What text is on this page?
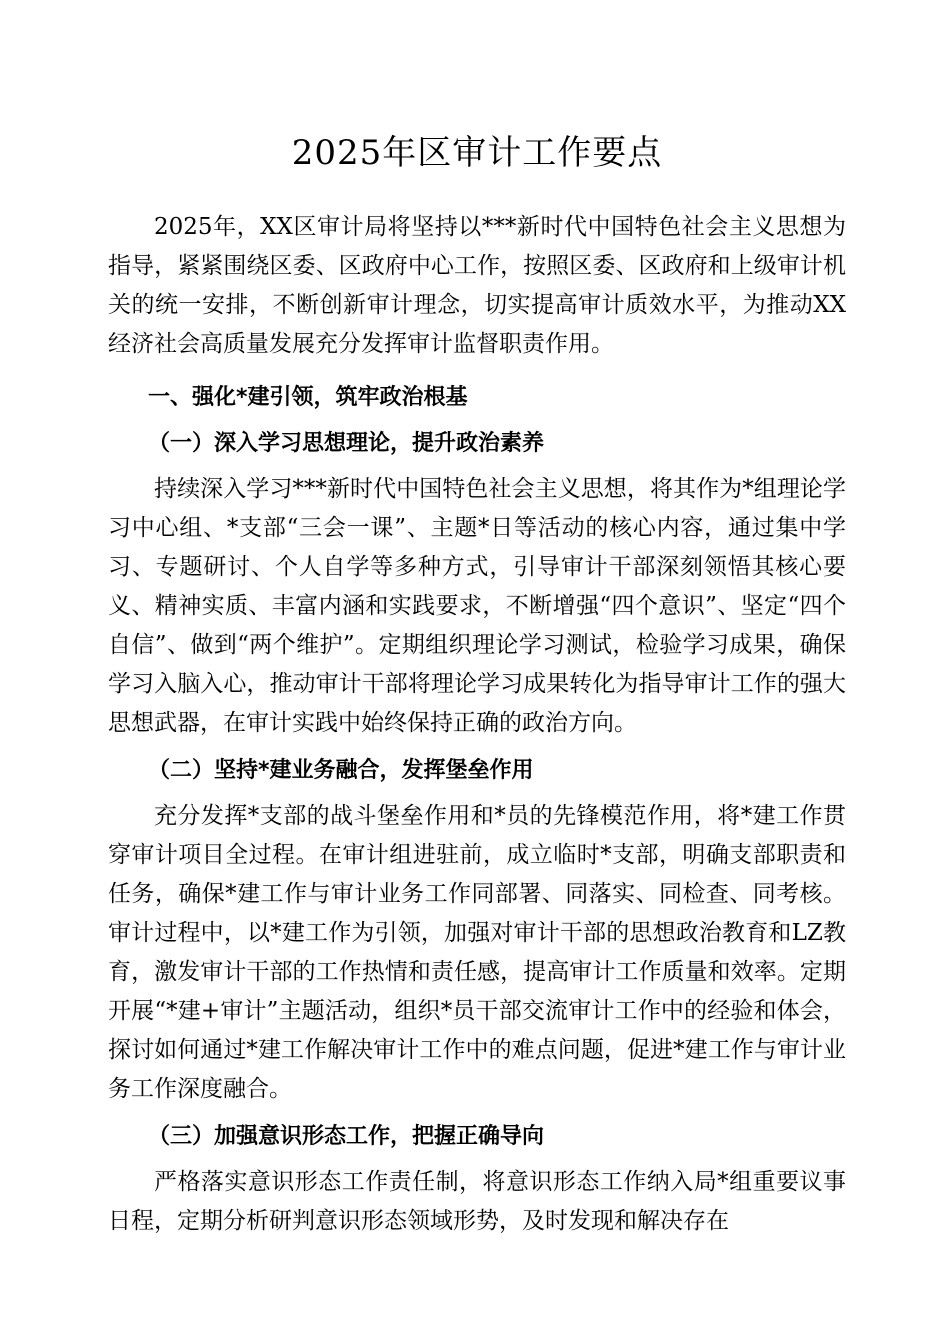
2025年区审计工作要点

2025年，XX区审计局将坚持以***新时代中国特色社会主义思想为指导，紧紧围绕区委、区政府中心工作，按照区委、区政府和上级审计机关的统一安排，不断创新审计理念，切实提高审计质效水平，为推动XX经济社会高质量发展充分发挥审计监督职责作用。

一、强化*建引领，筑牢政治根基
（一）深入学习思想理论，提升政治素养

持续深入学习***新时代中国特色社会主义思想，将其作为*组理论学习中心组、*支部“三会一课”、主题*日等活动的核心内容，通过集中学习、专题研讨、个人自学等多种方式，引导审计干部深刻领悟其核心要义、精神实质、丰富内涵和实践要求，不断增强“四个意识”、坚定“四个自信”、做到“两个维护”。定期组织理论学习测试，检验学习成果，确保学习入脑入心，推动审计干部将理论学习成果转化为指导审计工作的强大思想武器，在审计实践中始终保持正确的政治方向。

（二）坚持*建业务融合，发挥堡垒作用

充分发挥*支部的战斗堡垒作用和*员的先锋模范作用，将*建工作贯穿审计项目全过程。在审计组进驻前，成立临时*支部，明确支部职责和任务，确保*建工作与审计业务工作同部署、同落实、同检查、同考核。审计过程中，以*建工作为引领，加强对审计干部的思想政治教育和LZ教育，激发审计干部的工作热情和责任感，提高审计工作质量和效率。定期开展“*建+审计”主题活动，组织*员干部交流审计工作中的经验和体会，探讨如何通过*建工作解决审计工作中的难点问题，促进*建工作与审计业务工作深度融合。

（三）加强意识形态工作，把握正确导向

严格落实意识形态工作责任制，将意识形态工作纳入局*组重要议事日程，定期分析研判意识形态领域形势，及时发现和解决存在
